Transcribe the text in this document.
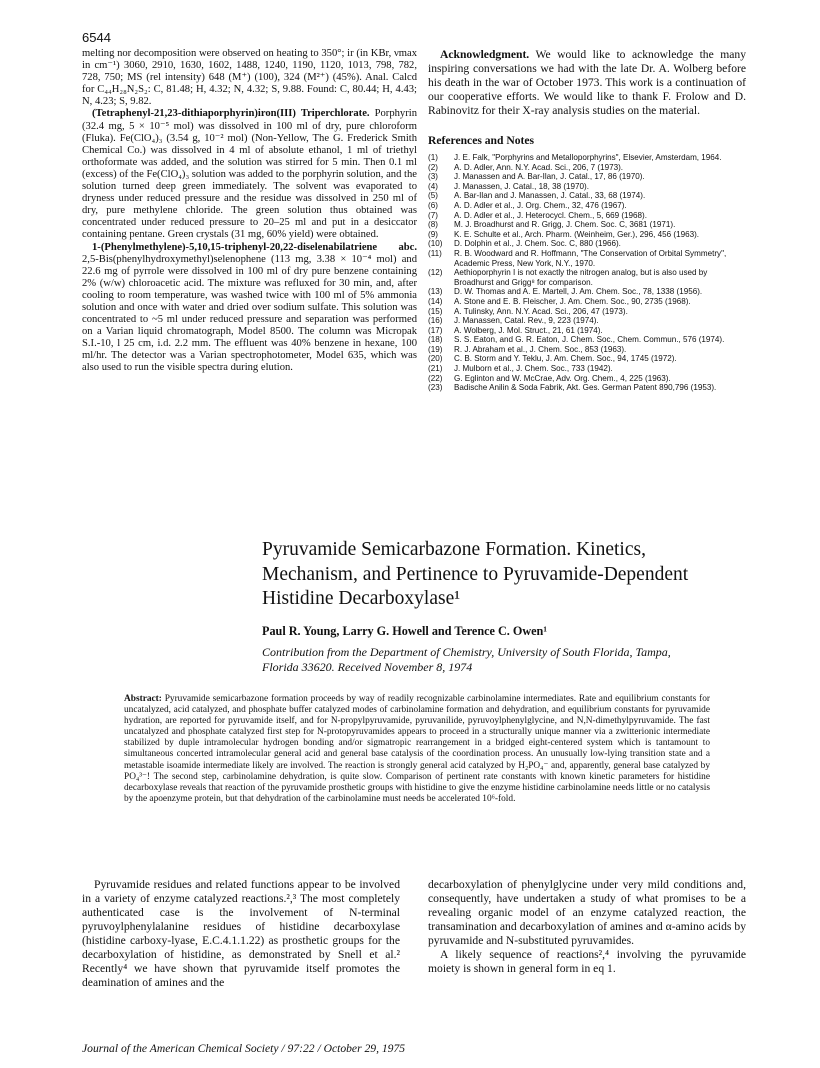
6544

melting nor decomposition were observed on heating to 350°; ir (in KBr, νmax in cm⁻¹) 3060, 2910, 1630, 1602, 1488, 1240, 1190, 1120, 1013, 798, 782, 728, 750; MS (rel intensity) 648 (M⁺) (100), 324 (M²⁺) (45%). Anal. Calcd for C₄₄H₂₈N₂S₂: C, 81.48; H, 4.32; N, 4.32; S, 9.88. Found: C, 80.44; H, 4.43; N, 4.23; S, 9.82.

(Tetraphenyl-21,23-dithiaporphyrin)iron(III) Triperchlorate. Porphyrin (32.4 mg, 5 × 10⁻⁵ mol) was dissolved in 100 ml of dry, pure chloroform (Fluka). Fe(ClO₄)₃ (3.54 g, 10⁻² mol) (Non-Yellow, The G. Frederick Smith Chemical Co.) was dissolved in 4 ml of absolute ethanol, 1 ml of triethyl orthoformate was added, and the solution was stirred for 5 min. Then 0.1 ml (excess) of the Fe(ClO₄)₃ solution was added to the porphyrin solution, and the solution turned deep green immediately. The solvent was evaporated to dryness under reduced pressure and the residue was dissolved in 250 ml of dry, pure methylene chloride. The green solution thus obtained was concentrated under reduced pressure to 20–25 ml and put in a desiccator containing pentane. Green crystals (31 mg, 60% yield) were obtained.

1-(Phenylmethylene)-5,10,15-triphenyl-20,22-diselenabilatriene abc. 2,5-Bis(phenylhydroxymethyl)selenophene (113 mg, 3.38 × 10⁻⁴ mol) and 22.6 mg of pyrrole were dissolved in 100 ml of dry pure benzene containing 2% (w/w) chloroacetic acid. The mixture was refluxed for 30 min, and, after cooling to room temperature, was washed twice with 100 ml of 5% ammonia solution and once with water and dried over sodium sulfate. This solution was concentrated to ~5 ml under reduced pressure and separation was performed on a Varian liquid chromatograph, Model 8500. The column was Micropak S.I.-10, l 25 cm, i.d. 2.2 mm. The effluent was 40% benzene in hexane, 100 ml/hr. The detector was a Varian spectrophotometer, Model 635, which was also used to run the visible spectra during elution.

Acknowledgment. We would like to acknowledge the many inspiring conversations we had with the late Dr. A. Wolberg before his death in the war of October 1973. This work is a continuation of our cooperative efforts. We would like to thank F. Frolow and D. Rabinovitz for their X-ray analysis studies on the material.

References and Notes
(1)	J. E. Falk, "Porphyrins and Metalloporphyrins", Elsevier, Amsterdam, 1964.
(2)	A. D. Adler, Ann. N.Y. Acad. Sci., 206, 7 (1973).
(3)	J. Manassen and A. Bar-Ilan, J. Catal., 17, 86 (1970).
(4)	J. Manassen, J. Catal., 18, 38 (1970).
(5)	A. Bar-Ilan and J. Manassen, J. Catal., 33, 68 (1974).
(6)	A. D. Adler et al., J. Org. Chem., 32, 476 (1967).
(7)	A. D. Adler et al., J. Heterocycl. Chem., 5, 669 (1968).
(8)	M. J. Broadhurst and R. Grigg, J. Chem. Soc. C, 3681 (1971).
(9)	K. E. Schulte et al., Arch. Pharm. (Weinheim, Ger.), 296, 456 (1963).
(10)	D. Dolphin et al., J. Chem. Soc. C, 880 (1966).
(11)	R. B. Woodward and R. Hoffmann, "The Conservation of Orbital Symmetry", Academic Press, New York, N.Y., 1970.
(12)	Aethioporphyrin I is not exactly the nitrogen analog, but is also used by Broadhurst and Grigg⁸ for comparison.
(13)	D. W. Thomas and A. E. Martell, J. Am. Chem. Soc., 78, 1338 (1956).
(14)	A. Stone and E. B. Fleischer, J. Am. Chem. Soc., 90, 2735 (1968).
(15)	A. Tulinsky, Ann. N.Y. Acad. Sci., 206, 47 (1973).
(16)	J. Manassen, Catal. Rev., 9, 223 (1974).
(17)	A. Wolberg, J. Mol. Struct., 21, 61 (1974).
(18)	S. S. Eaton, and G. R. Eaton, J. Chem. Soc., Chem. Commun., 576 (1974).
(19)	R. J. Abraham et al., J. Chem. Soc., 853 (1963).
(20)	C. B. Storm and Y. Teklu, J. Am. Chem. Soc., 94, 1745 (1972).
(21)	J. Mulborn et al., J. Chem. Soc., 733 (1942).
(22)	G. Eglinton and W. McCrae, Adv. Org. Chem., 4, 225 (1963).
(23)	Badische Anilin & Soda Fabrik, Akt. Ges. German Patent 890,796 (1953).
Pyruvamide Semicarbazone Formation. Kinetics, Mechanism, and Pertinence to Pyruvamide-Dependent Histidine Decarboxylase¹
Paul R. Young, Larry G. Howell and Terence C. Owen¹
Contribution from the Department of Chemistry, University of South Florida, Tampa, Florida 33620. Received November 8, 1974
Abstract: Pyruvamide semicarbazone formation proceeds by way of readily recognizable carbinolamine intermediates. Rate and equilibrium constants for uncatalyzed, acid catalyzed, and phosphate buffer catalyzed modes of carbinolamine formation and dehydration, and equilibrium constants for pyruvamide hydration, are reported for pyruvamide itself, and for N-propylpyruvamide, pyruvanilide, pyruvoylphenylglycine, and N,N-dimethylpyruvamide. The fast uncatalyzed and phosphate catalyzed first step for N-protopyruvamides appears to proceed in a structurally unique manner via a zwitterionic intermediate stabilized by duple intramolecular hydrogen bonding and/or sigmatropic rearrangement in a bridged eight-centered system which is tantamount to simultaneous concerted intramolecular general acid and general base catalysis of the coordination process. An unusually low-lying transition state and a metastable isoamide intermediate likely are involved. The reaction is strongly general acid catalyzed by H₂PO₄⁻ and, apparently, general base catalyzed by PO₄³⁻! The second step, carbinolamine dehydration, is quite slow. Comparison of pertinent rate constants with known kinetic parameters for histidine decarboxylase reveals that reaction of the pyruvamide prosthetic groups with histidine to give the enzyme histidine carbinolamine needs little or no catalysis by the apoenzyme protein, but that dehydration of the carbinolamine must needs be accelerated 10⁶-fold.

Pyruvamide residues and related functions appear to be involved in a variety of enzyme catalyzed reactions.²,³ The most completely authenticated case is the involvement of N-terminal pyruvoylphenylalanine residues of histidine decarboxylase (histidine carboxy-lyase, E.C.4.1.1.22) as prosthetic groups for the decarboxylation of histidine, as demonstrated by Snell et al.² Recently⁴ we have shown that pyruvamide itself promotes the deamination of amines and the

decarboxylation of phenylglycine under very mild conditions and, consequently, have undertaken a study of what promises to be a revealing organic model of an enzyme catalyzed reaction, the transamination and decarboxylation of amines and α-amino acids by pyruvamide and N-substituted pyruvamides.

A likely sequence of reactions²,⁴ involving the pyruvamide moiety is shown in general form in eq 1.

Journal of the American Chemical Society / 97:22 / October 29, 1975
